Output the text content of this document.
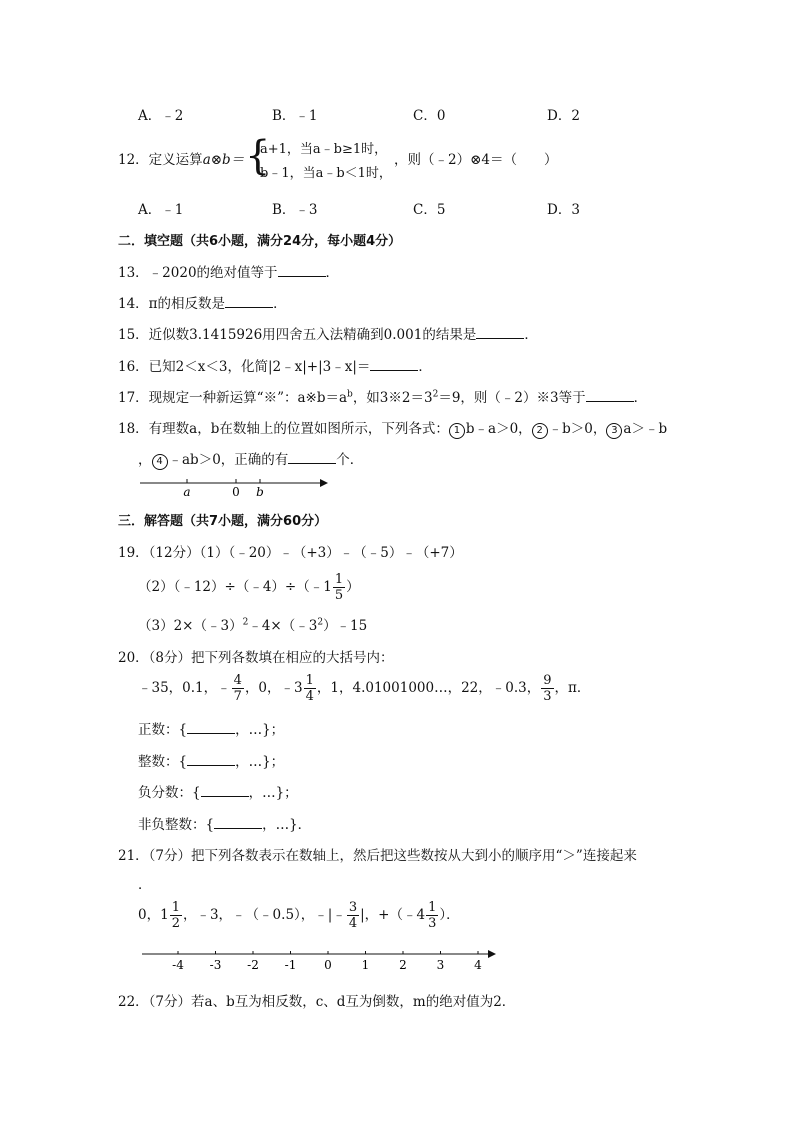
A．﹣2	B．﹣1	C．0	D．2
12．定义运算a⊗b＝ {
a+1，当a﹣b≥1时，
b﹣1，当a﹣b＜1时，
，则（﹣2）⊗4＝（　　）
A．﹣1	B．﹣3	C．5	D．3
二．填空题（共6小题，满分24分，每小题4分）
13．﹣2020的绝对值等于	．
14．π的相反数是	．
15．近似数3.1415926用四舍五入法精确到0.001的结果是	．
16．已知2＜x＜3，化简|2﹣x|+|3﹣x|＝	．
17．现规定一种新运算“※”：$a※b=a^b$，如$3※2=3^2=9$，则（﹣2）※3等于	．
18．有理数a，b在数轴上的位置如图所示，下列各式： 1 b﹣a＞0， 2 ﹣b＞0， 3 a＞﹣b
， 4 ﹣ab＞0，正确的有	个．
a	0 b
三．解答题（共7小题，满分60分）
19．（12分）（1）（﹣20）﹣（+3）﹣（﹣5）﹣（+7）
（2）（﹣12）÷（﹣4）÷（﹣1 $\frac{1}{5}$ ）
$(3)2\times(﹣3)^2﹣4\times(﹣3^2)﹣15$
20．（8分）把下列各数填在相应的大括号内：
﹣35，0.1，﹣ $\frac{4}{7}$ ，0，﹣3 $\frac{1}{4}$ ，1，4.01001000…，22，﹣0.3， $\frac{9}{3}$ ，π．
正数：{	，…}；
整数：{	，…}；
负分数：{	，…}；
非负整数：{	，…}．
21．（7分）把下列各数表示在数轴上，然后把这些数按从大到小的顺序用“＞”连接起来
．
0，$1 \frac{1}{2}$ ，﹣3，﹣（﹣0.5），﹣|﹣ $\frac{3}{4}$ |，+（﹣4 $\frac{1}{3}$ ）．
-4 -3 -2 -1 0 1 2 3 4
22．（7分）若a、b互为相反数，c、d互为倒数，m的绝对值为2．
